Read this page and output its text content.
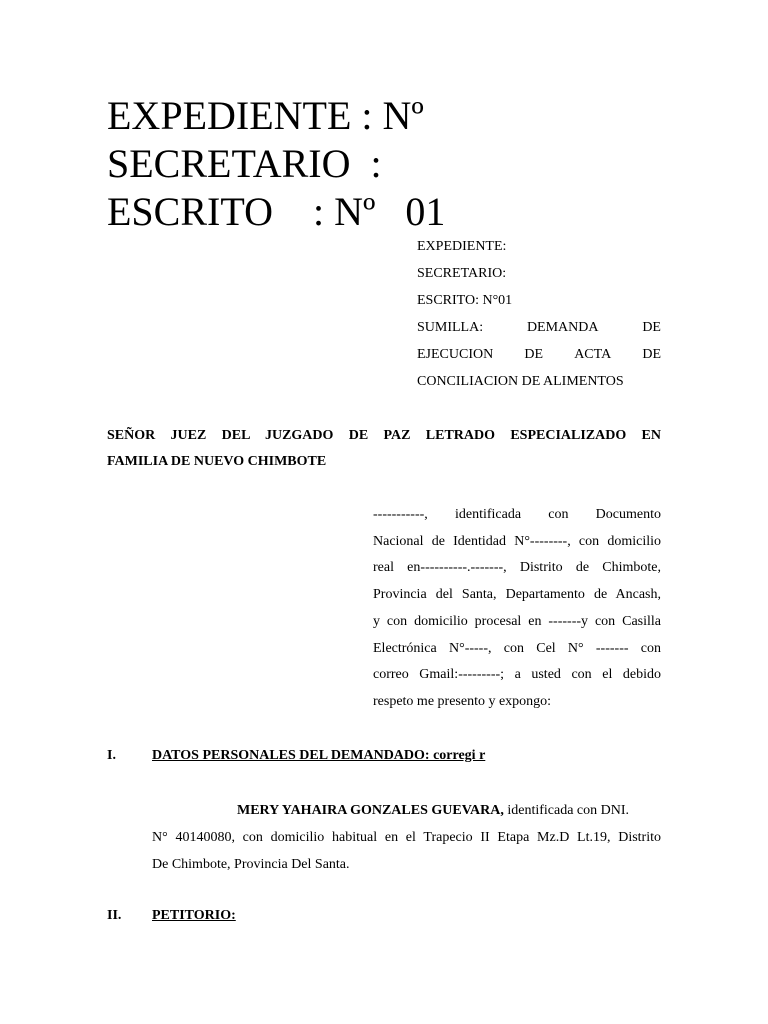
EXPEDIENTE : Nº
SECRETARIO  :
ESCRITO    : Nº   01
EXPEDIENTE:
SECRETARIO:
ESCRITO: N°01
SUMILLA:	DEMANDA	DE
EJECUCION DE ACTA DE
CONCILIACION DE ALIMENTOS
SEÑOR JUEZ DEL JUZGADO DE PAZ LETRADO ESPECIALIZADO EN
FAMILIA DE NUEVO CHIMBOTE
-----------, identificada con Documento
Nacional de Identidad N°--------, con domicilio
real en----------.-------, Distrito de Chimbote,
Provincia del Santa, Departamento de Ancash,
y con domicilio procesal en -------y con Casilla
Electrónica N°-----, con Cel N° ------- con
correo Gmail:---------; a usted con el debido
respeto me presento y expongo:
I.	DATOS PERSONALES DEL DEMANDADO: corregi r
MERY YAHAIRA GONZALES GUEVARA, identificada con DNI.
N° 40140080, con domicilio habitual en el Trapecio II Etapa Mz.D Lt.19, Distrito
De Chimbote, Provincia Del Santa.
II. PETITORIO:
